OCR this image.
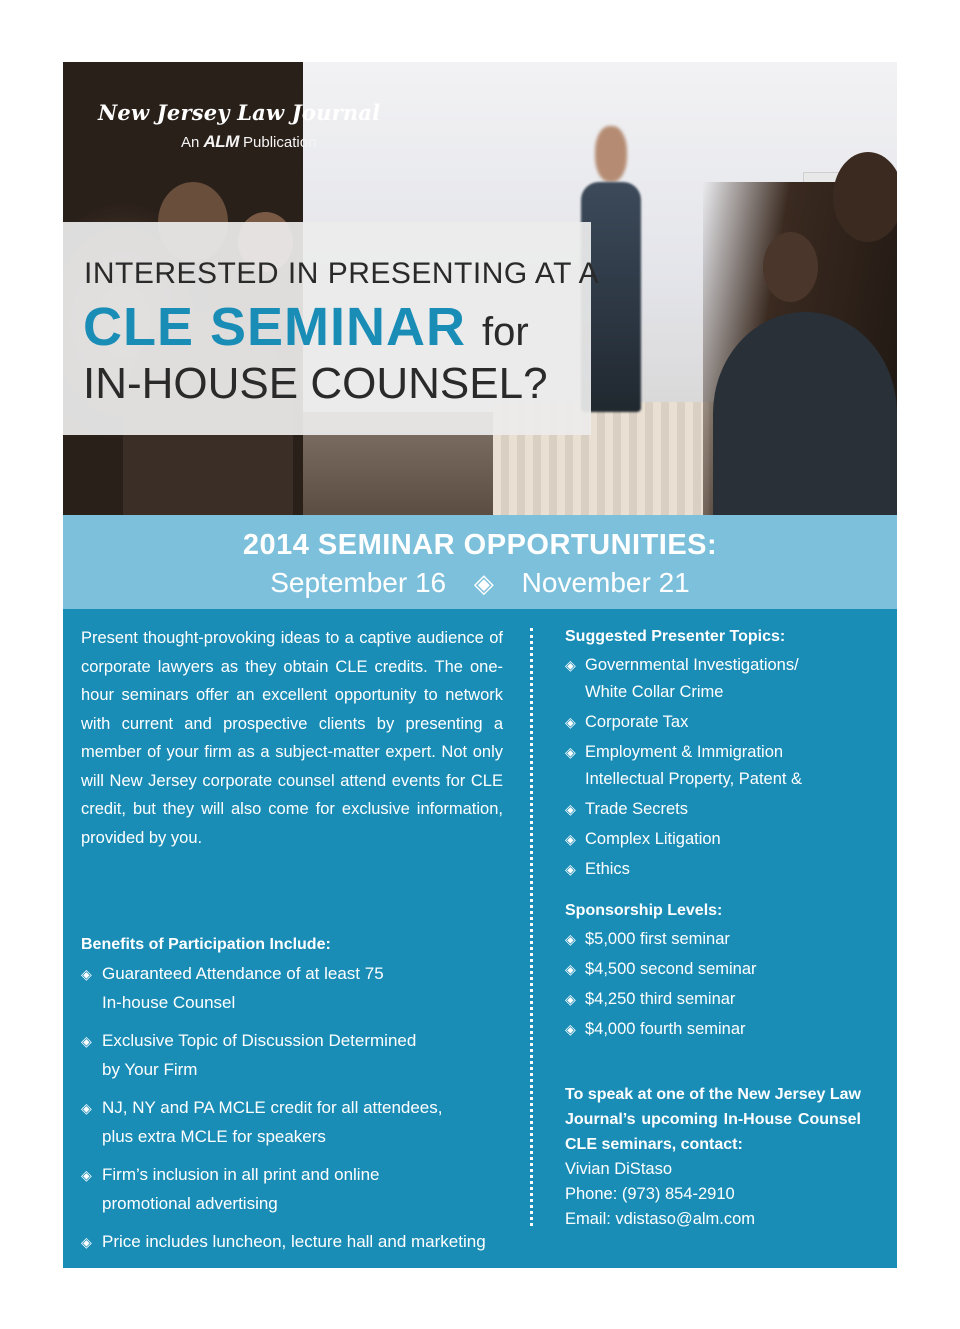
New Jersey Law Journal
An ALM Publication
INTERESTED IN PRESENTING AT A
CLE SEMINAR for
IN-HOUSE COUNSEL?
2014 SEMINAR OPPORTUNITIES:
September 16 ◈ November 21
Present thought-provoking ideas to a captive audience of corporate lawyers as they obtain CLE credits. The one-hour seminars offer an excellent opportunity to network with current and prospective clients by presenting a member of your firm as a subject-matter expert. Not only will New Jersey corporate counsel attend events for CLE credit, but they will also come for exclusive information, provided by you.
Benefits of Participation Include:
◈ Guaranteed Attendance of at least 75
In-house Counsel
◈ Exclusive Topic of Discussion Determined
by Your Firm
◈ NJ, NY and PA MCLE credit for all attendees,
plus extra MCLE for speakers
◈ Firm’s inclusion in all print and online
promotional advertising
◈ Price includes luncheon, lecture hall and marketing
Suggested Presenter Topics:
◈ Governmental Investigations/
White Collar Crime
◈ Corporate Tax
◈ Employment & Immigration
Intellectual Property, Patent &
◈ Trade Secrets
◈ Complex Litigation
◈ Ethics
Sponsorship Levels:
◈ $5,000 first seminar
◈ $4,500 second seminar
◈ $4,250 third seminar
◈ $4,000 fourth seminar
To speak at one of the New Jersey Law Journal’s upcoming In-House Counsel CLE seminars, contact:
Vivian DiStaso
Phone: (973) 854-2910
Email: vdistaso@alm.com
